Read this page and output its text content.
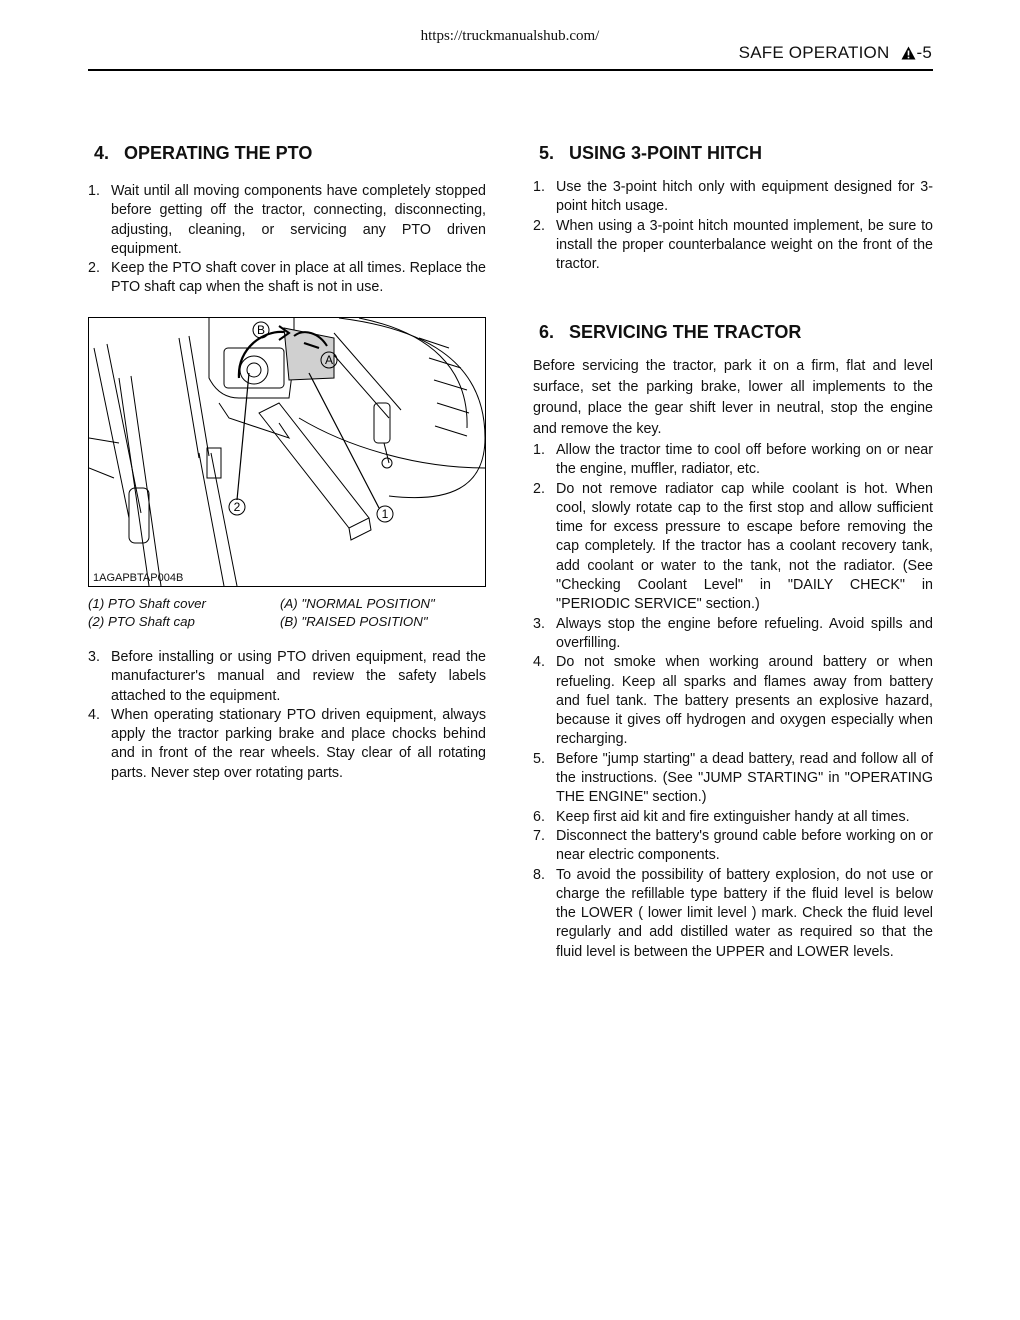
https://truckmanualshub.com/
SAFE OPERATION -5
4. OPERATING THE PTO
1. Wait until all moving components have completely stopped before getting off the tractor, connecting, disconnecting, adjusting, cleaning, or servicing any PTO driven equipment.
2. Keep the PTO shaft cover in place at all times. Replace the PTO shaft cap when the shaft is not in use.
B
A
2	1
1AGAPBTAP004B
(1) PTO Shaft cover	(A) "NORMAL POSITION"
(2) PTO Shaft cap	(B) "RAISED POSITION"
3. Before installing or using PTO driven equipment, read the manufacturer's manual and review the safety labels attached to the equipment.
4. When operating stationary PTO driven equipment, always apply the tractor parking brake and place chocks behind and in front of the rear wheels. Stay clear of all rotating parts. Never step over rotating parts.
5. USING 3-POINT HITCH
1. Use the 3-point hitch only with equipment designed for 3-point hitch usage.
2. When using a 3-point hitch mounted implement, be sure to install the proper counterbalance weight on the front of the tractor.
6. SERVICING THE TRACTOR

Before servicing the tractor, park it on a firm, flat and level surface, set the parking brake, lower all implements to the ground, place the gear shift lever in neutral, stop the engine and remove the key.

1. Allow the tractor time to cool off before working on or near the engine, muffler, radiator, etc.
2. Do not remove radiator cap while coolant is hot. When cool, slowly rotate cap to the first stop and allow sufficient time for excess pressure to escape before removing the cap completely. If the tractor has a coolant recovery tank, add coolant or water to the tank, not the radiator. (See "Checking Coolant Level" in "DAILY CHECK" in "PERIODIC SERVICE" section.)
3. Always stop the engine before refueling. Avoid spills and overfilling.
4. Do not smoke when working around battery or when refueling. Keep all sparks and flames away from battery and fuel tank. The battery presents an explosive hazard, because it gives off hydrogen and oxygen especially when recharging.
5. Before "jump starting" a dead battery, read and follow all of the instructions. (See "JUMP STARTING" in "OPERATING THE ENGINE" section.)
6. Keep first aid kit and fire extinguisher handy at all times.
7. Disconnect the battery's ground cable before working on or near electric components.
8. To avoid the possibility of battery explosion, do not use or charge the refillable type battery if the fluid level is below the LOWER ( lower limit level ) mark. Check the fluid level regularly and add distilled water as required so that the fluid level is between the UPPER and LOWER levels.
